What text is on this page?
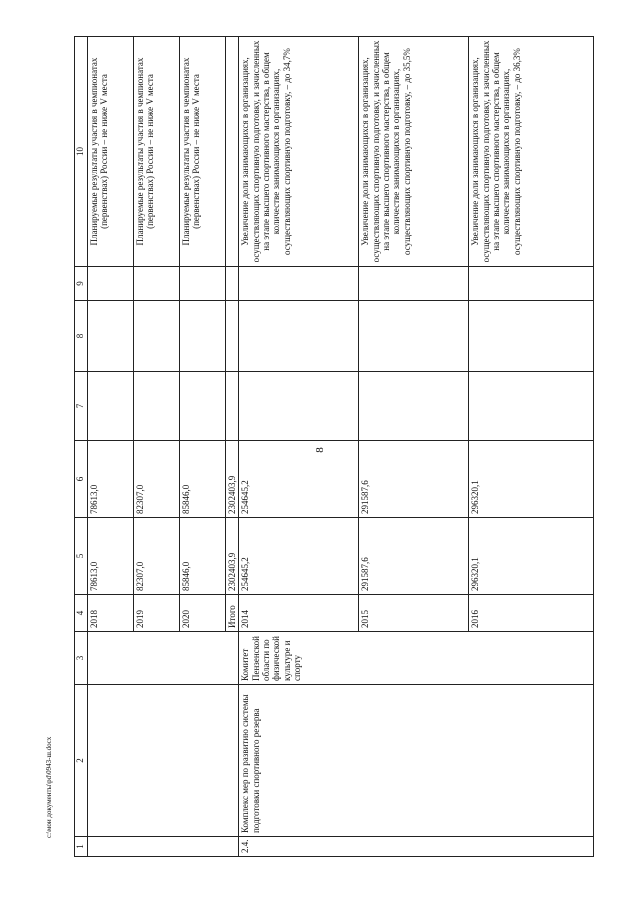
8
c:\мои документы\pd\0943-ш.docx
1	2	3	4	5	6	7	8	9	10
			2018	78613,0	78613,0				Планируемые результаты участия в чемпионатах (первенствах) России – не ниже V места
			2019	82307,0	82307,0				Планируемые результаты участия в чемпионатах (первенствах) России – не ниже V места
			2020	85846,0	85846,0				Планируемые результаты участия в чемпионатах (первенствах) России – не ниже V места
			Итого	2302403,9	2302403,9				
2.4.	Комплекс мер по развитию системы подготовки спортивного резерва	Комитет Пензенской области по физической культуре и спорту	2014	254645,2	254645,2				Увеличение доли занимающихся в организациях, осуществляющих спортивную подготовку, и зачисленных на этапе высшего спортивного мастерства, в общем количестве занимающихся в организациях, осуществляющих спортивную подготовку, – до 34,7%
			2015	291587,6	291587,6				Увеличение доли занимающихся в организациях, осуществляющих спортивную подготовку, и зачисленных на этапе высшего спортивного мастерства, в общем количестве занимающихся в организациях, осуществляющих спортивную подготовку, – до 35,5%
			2016	296320,1	296320,1				Увеличение доли занимающихся в организациях, осуществляющих спортивную подготовку, и зачисленных на этапе высшего спортивного мастерства, в общем количестве занимающихся в организациях, осуществляющих спортивную подготовку, – до 36,3%
